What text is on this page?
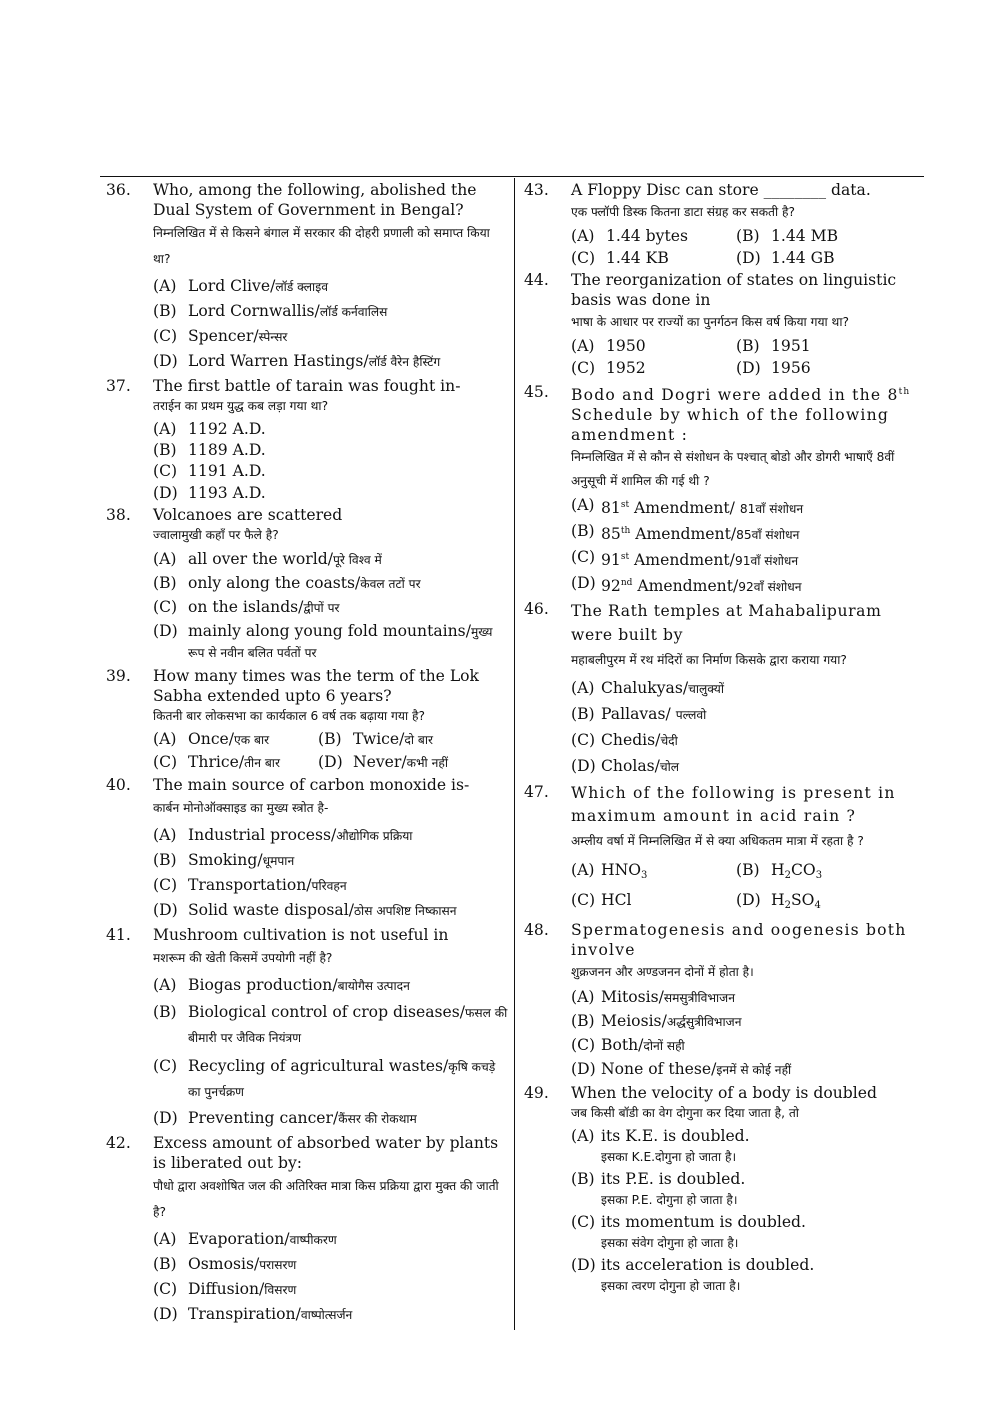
36. Who, among the following, abolished the Dual System of Government in Bengal?
निम्नलिखित में से किसने बंगाल में सरकार की दोहरी प्रणाली को समाप्त किया था?
(A) Lord Clive/लॉर्ड क्लाइव
(B) Lord Cornwallis/लॉर्ड कर्नवालिस
(C) Spencer/स्पेन्सर
(D) Lord Warren Hastings/लॉर्ड वैरेन हैस्टिंग
37. The first battle of tarain was fought in-
तराईन का प्रथम युद्ध कब लड़ा गया था?
(A) 1192 A.D.
(B) 1189 A.D.
(C) 1191 A.D.
(D) 1193 A.D.
38. Volcanoes are scattered
ज्वालामुखी कहाँ पर फैले है?
(A) all over the world/पूरे विश्व में
(B) only along the coasts/केवल तटों पर
(C) on the islands/द्वीपों पर
(D) mainly along young fold mountains/मुख्य रूप से नवीन बलित पर्वतों पर
39. How many times was the term of the Lok Sabha extended upto 6 years?
कितनी बार लोकसभा का कार्यकाल 6 वर्ष तक बढ़ाया गया है?
(A) Once/एक बार	(B) Twice/दो बार
(C) Thrice/तीन बार	(D) Never/कभी नहीं
40. The main source of carbon monoxide is-
कार्बन मोनोऑक्साइड का मुख्य स्त्रोत है-
(A) Industrial process/औद्योगिक प्रक्रिया
(B) Smoking/धूमपान
(C) Transportation/परिवहन
(D) Solid waste disposal/ठोस अपशिष्ट निष्कासन
41. Mushroom cultivation is not useful in
मशरूम की खेती किसमें उपयोगी नहीं है?
(A) Biogas production/बायोगैस उत्पादन
(B) Biological control of crop diseases/फसल की बीमारी पर जैविक नियंत्रण
(C) Recycling of agricultural wastes/कृषि कचड़े का पुनर्चक्रण
(D) Preventing cancer/कैंसर की रोकथाम
42. Excess amount of absorbed water by plants is liberated out by:
पौधो द्वारा अवशोषित जल की अतिरिक्त मात्रा किस प्रक्रिया द्वारा मुक्त की जाती है?
(A) Evaporation/वाष्पीकरण
(B) Osmosis/परासरण
(C) Diffusion/विसरण
(D) Transpiration/वाष्पोत्सर्जन
43. A Floppy Disc can store ________ data.
एक फ्लॉपी डिस्क कितना डाटा संग्रह कर सकती है?
(A) 1.44 bytes	(B) 1.44 MB
(C) 1.44 KB	(D) 1.44 GB
44. The reorganization of states on linguistic basis was done in
भाषा के आधार पर राज्यों का पुनर्गठन किस वर्ष किया गया था?
(A) 1950	(B) 1951
(C) 1952	(D) 1956
45. Bodo and Dogri were added in the 8th Schedule by which of the following amendment :
निम्नलिखित में से कौन से संशोधन के पश्चात् बोडो और डोगरी भाषाएँ 8वीं अनुसूची में शामिल की गई थी ?
(A) 81st Amendment/ 81वाँ संशोधन
(B) 85th Amendment/85वाँ संशोधन
(C) 91st Amendment/91वाँ संशोधन
(D) 92nd Amendment/92वाँ संशोधन
46. The Rath temples at Mahabalipuram were built by
महाबलीपुरम में रथ मंदिरों का निर्माण किसके द्वारा कराया गया?
(A) Chalukyas/चालुक्यों
(B) Pallavas/ पल्लवो
(C) Chedis/चेदी
(D) Cholas/चोल
47. Which of the following is present in maximum amount in acid rain ?
अम्लीय वर्षा में निम्नलिखित में से क्या अधिकतम मात्रा में रहता है ?
(A) $HNO_3$	(B) $H_2CO_3$
(C) HCl	(D) $H_2SO_4$
48. Spermatogenesis and oogenesis both involve
शुक्रजनन और अण्डजनन दोनों में होता है।
(A) Mitosis/समसुत्रीविभाजन
(B) Meiosis/अर्द्धसुत्रीविभाजन
(C) Both/दोनों सही
(D) None of these/इनमें से कोई नहीं
49. When the velocity of a body is doubled
जब किसी बॉडी का वेग दोगुना कर दिया जाता है, तो
(A) its K.E. is doubled.
इसका K.E.दोगुना हो जाता है।
(B) its P.E. is doubled.
इसका P.E. दोगुना हो जाता है।
(C) its momentum is doubled.
इसका संवेग दोगुना हो जाता है।
(D) its acceleration is doubled.
इसका त्वरण दोगुना हो जाता है।
